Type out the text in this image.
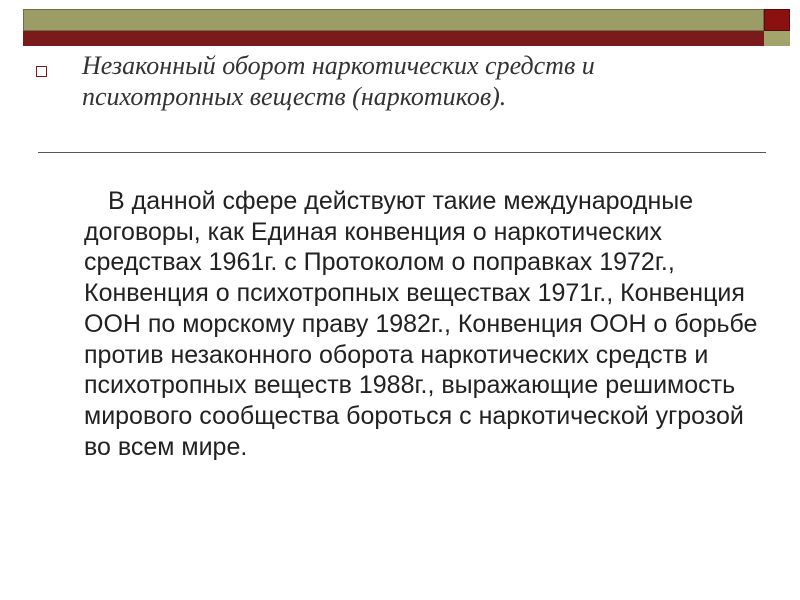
Незаконный оборот наркотических средств и психотропных веществ (наркотиков).

В данной сфере действуют такие международные договоры, как Единая конвенция о наркотических средствах 1961г. с Протоколом о поправках 1972г., Конвенция о психотропных веществах 1971г., Конвенция ООН по морскому праву 1982г., Конвенция ООН о борьбе против незаконного оборота наркотических средств и психотропных веществ 1988г., выражающие решимость мирового сообщества бороться с наркотической угрозой во всем мире.
